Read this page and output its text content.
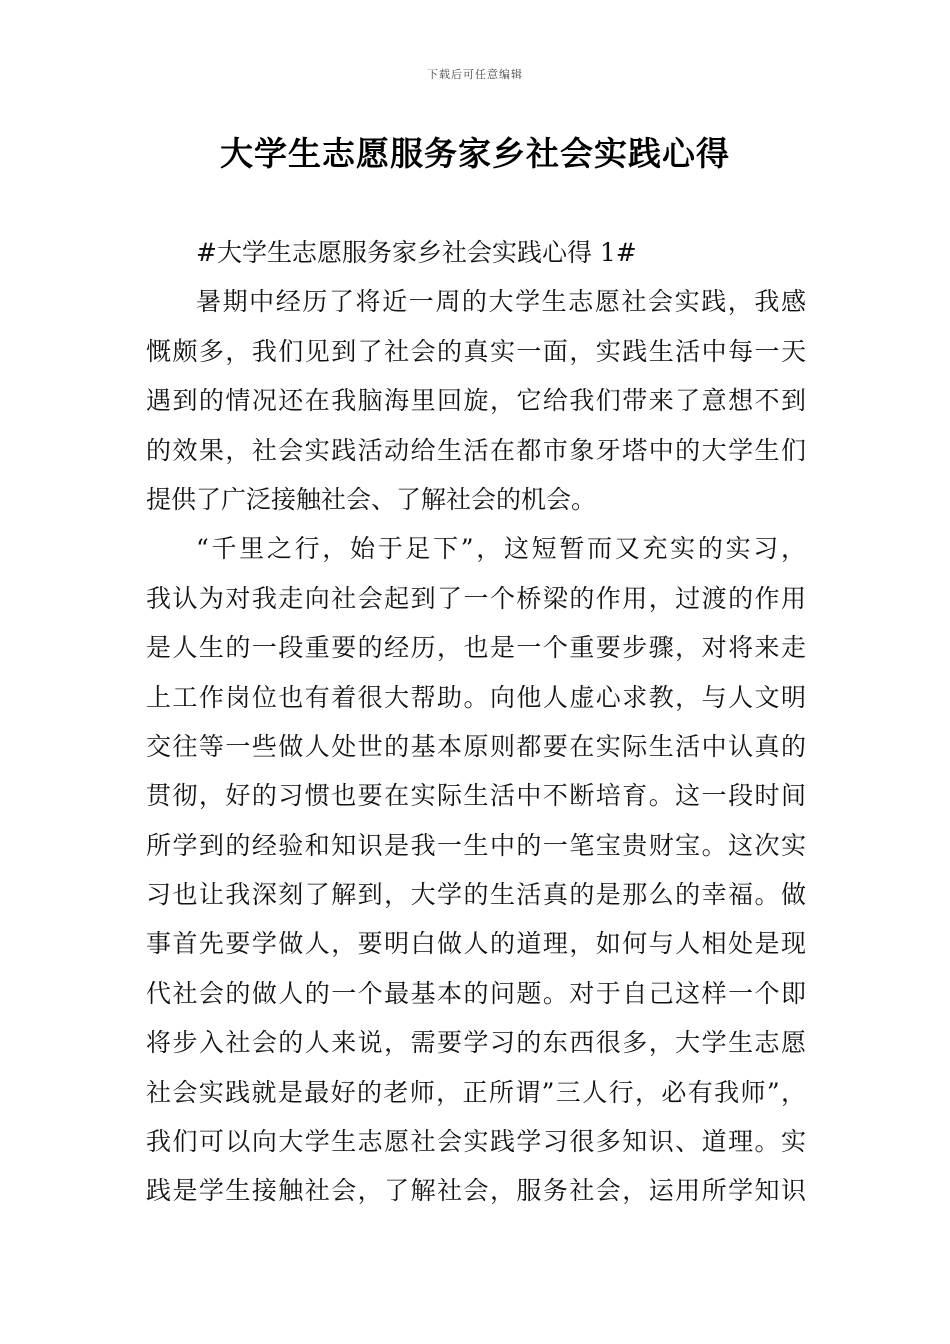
下载后可任意编辑
大学生志愿服务家乡社会实践心得
#大学生志愿服务家乡社会实践心得 1#
暑期中经历了将近一周的大学生志愿社会实践，我感
慨颇多，我们见到了社会的真实一面，实践生活中每一天
遇到的情况还在我脑海里回旋，它给我们带来了意想不到
的效果，社会实践活动给生活在都市象牙塔中的大学生们
提供了广泛接触社会、了解社会的机会。
“千里之行，始于足下”，这短暂而又充实的实习，
我认为对我走向社会起到了一个桥梁的作用，过渡的作用
是人生的一段重要的经历，也是一个重要步骤，对将来走
上工作岗位也有着很大帮助。向他人虚心求教，与人文明
交往等一些做人处世的基本原则都要在实际生活中认真的
贯彻，好的习惯也要在实际生活中不断培育。这一段时间
所学到的经验和知识是我一生中的一笔宝贵财宝。这次实
习也让我深刻了解到，大学的生活真的是那么的幸福。做
事首先要学做人，要明白做人的道理，如何与人相处是现
代社会的做人的一个最基本的问题。对于自己这样一个即
将步入社会的人来说，需要学习的东西很多，大学生志愿
社会实践就是最好的老师，正所谓”三人行，必有我师”，
我们可以向大学生志愿社会实践学习很多知识、道理。实
践是学生接触社会，了解社会，服务社会，运用所学知识
